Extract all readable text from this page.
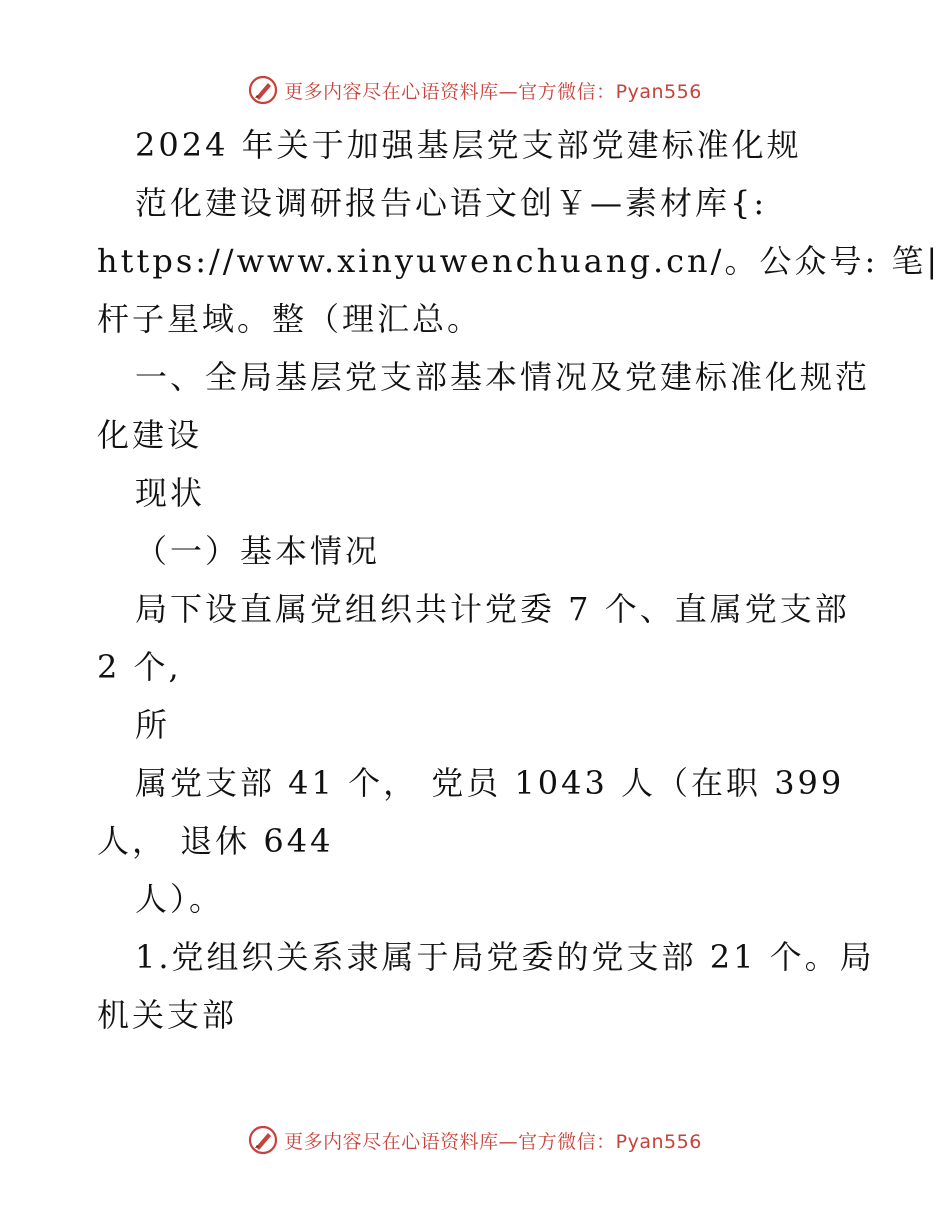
更多内容尽在心语资料库—官方微信：Pyan556
2024 年关于加强基层党支部党建标准化规
范化建设调研报告心语文创￥—素材库{:
https://www.xinyuwenchuang.cn/。公众号: 笔|
杆子星域。整（理汇总。
一、全局基层党支部基本情况及党建标准化规范
化建设
现状
（一）基本情况
局下设直属党组织共计党委 7 个、直属党支部
2 个,
所
属党支部 41 个， 党员 1043 人（在职 399
人， 退休 644
人）。
1.党组织关系隶属于局党委的党支部 21 个。局
机关支部
更多内容尽在心语资料库—官方微信：Pyan556
